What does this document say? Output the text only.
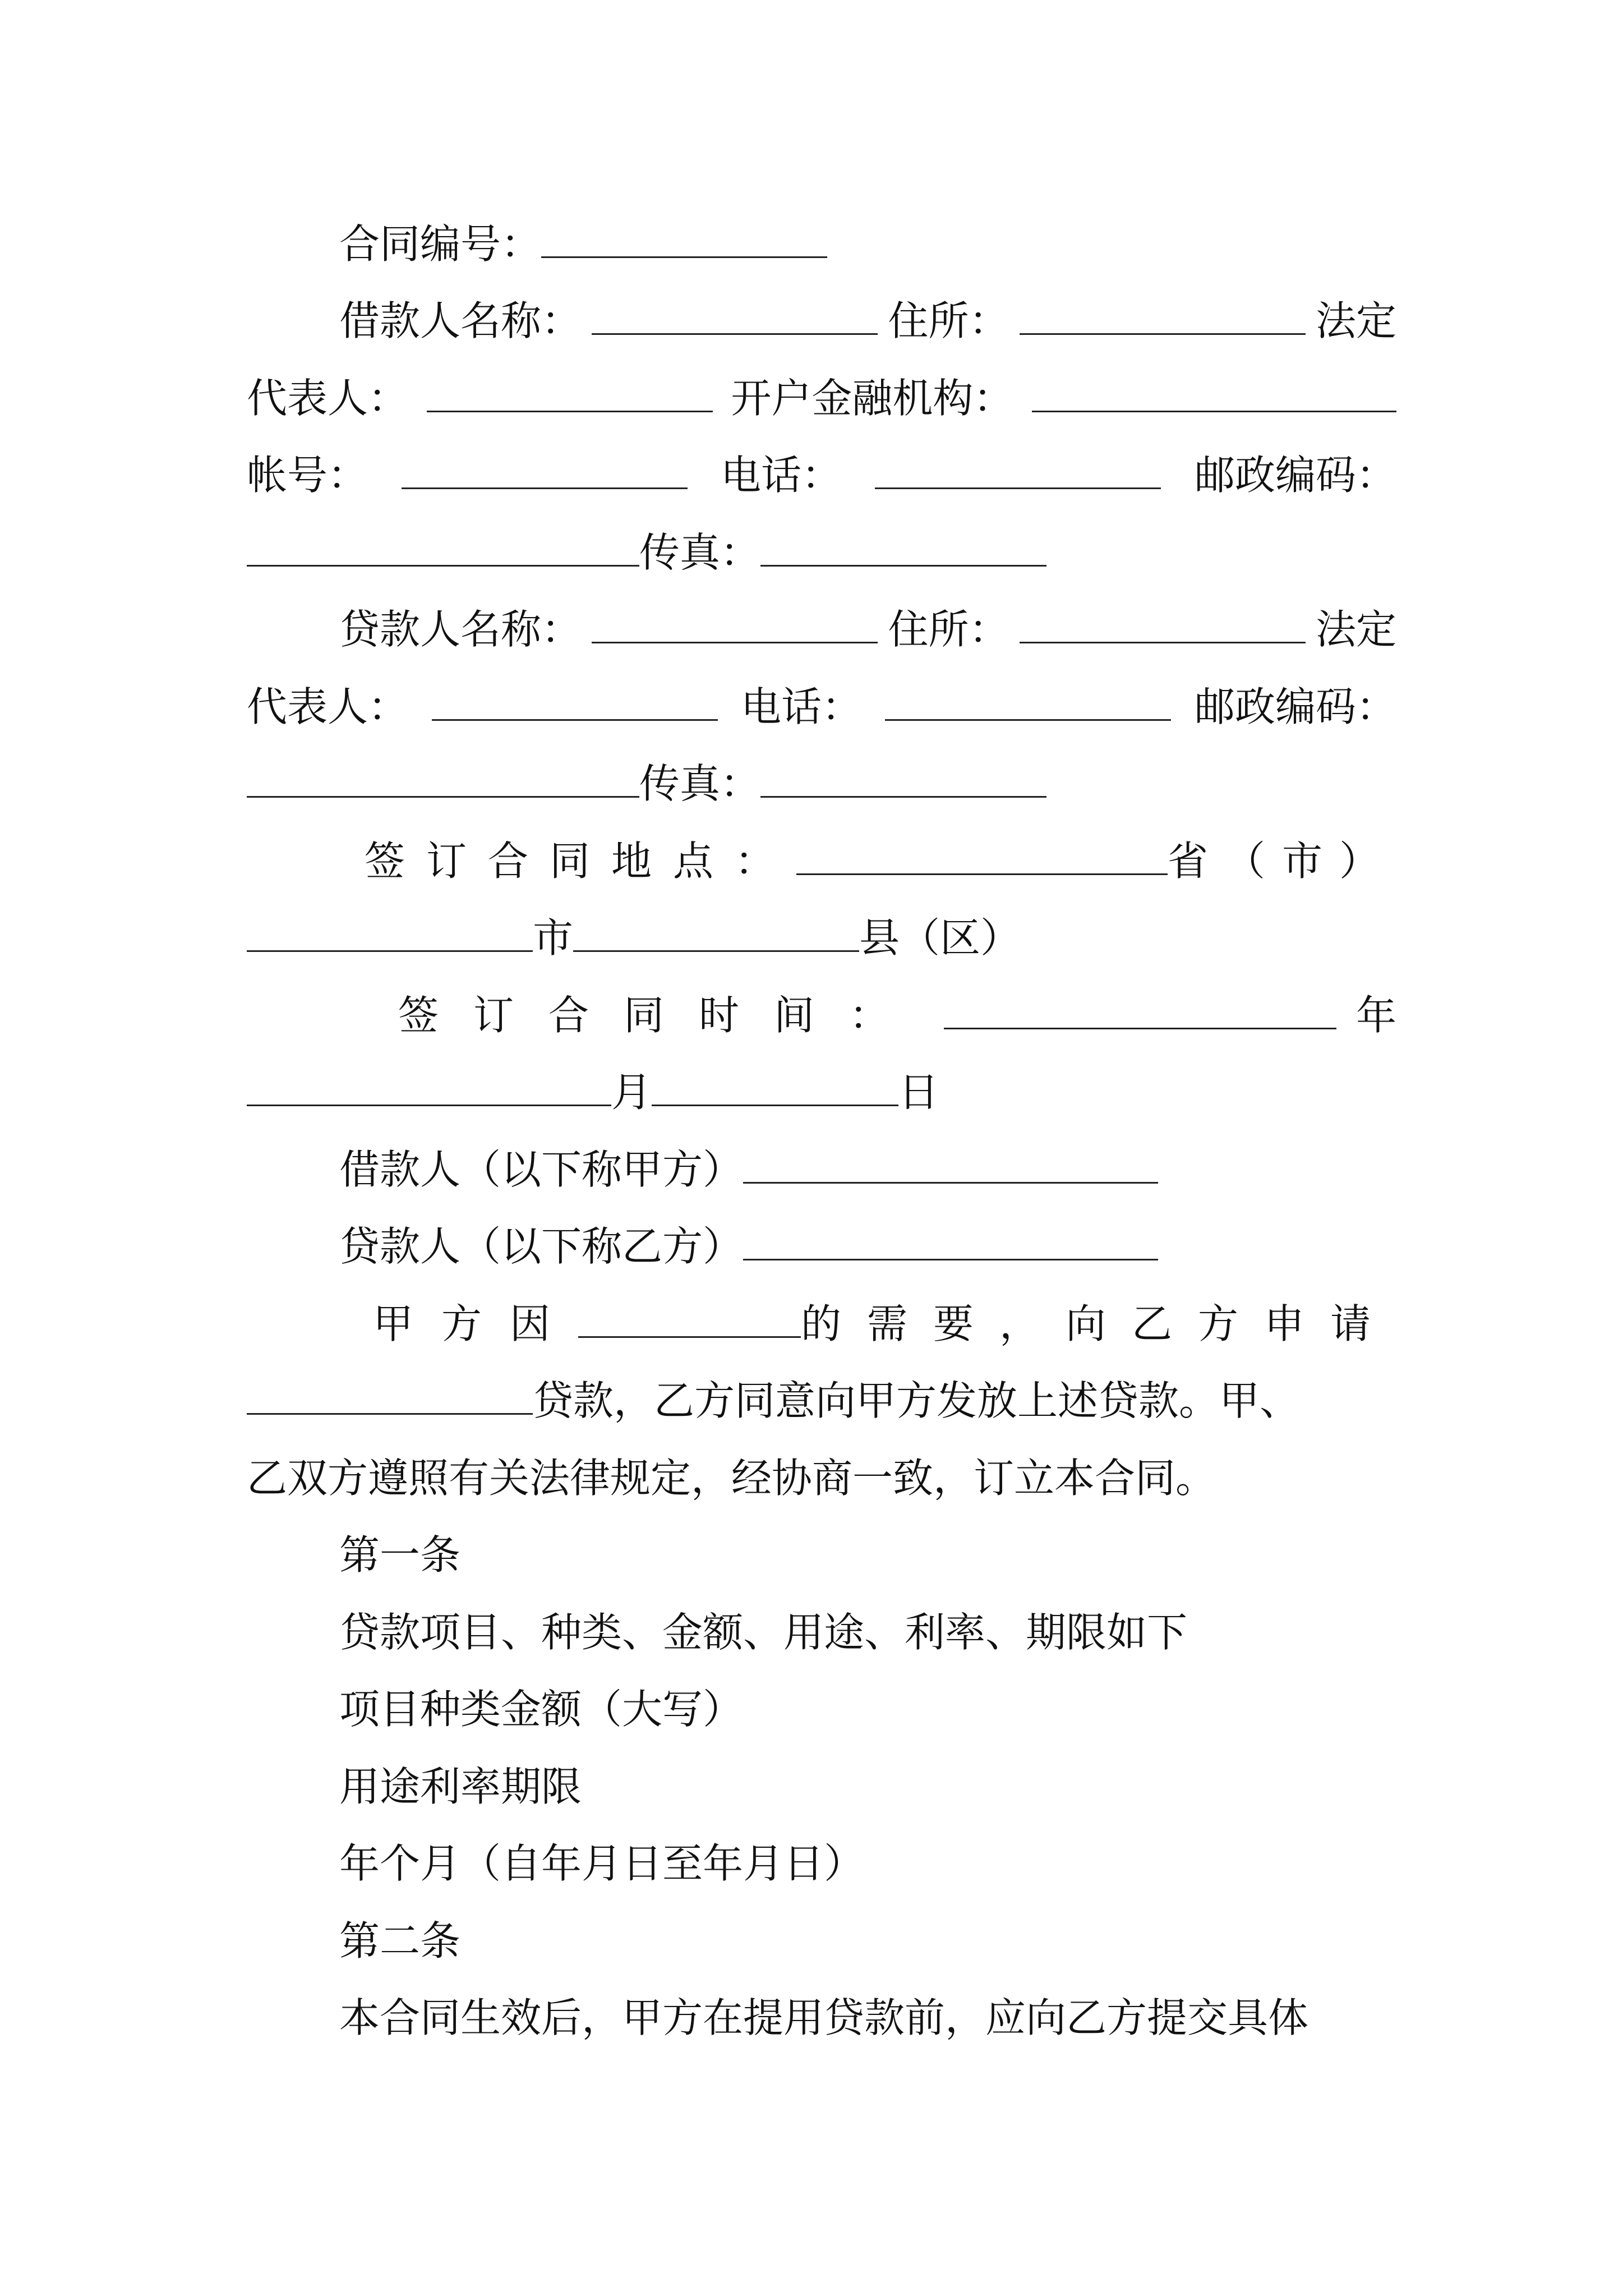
合同编号：
借款人名称：	住所：	法定
代表人：	开户金融机构：
帐号：	电话：	邮政编码：
传真：
贷款人名称：	住所：	法定
代表人：	电话：	邮政编码：
传真：
签订合同地点：	省（市）
市	县（区）
签订合同时间：	年
月	日
借款人（以下称甲方）
贷款人（以下称乙方）
甲方因	的需要，向乙方申请
贷款，乙方同意向甲方发放上述贷款。甲、
乙双方遵照有关法律规定，经协商一致，订立本合同。
第一条
贷款项目、种类、金额、用途、利率、期限如下
项目种类金额（大写）
用途利率期限
年个月（自年月日至年月日）
第二条
本合同生效后，甲方在提用贷款前，应向乙方提交具体
